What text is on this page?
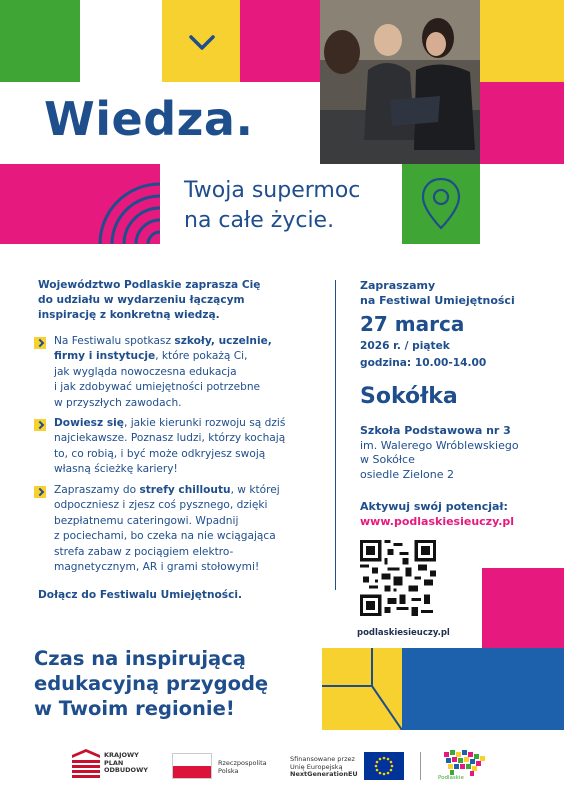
Wiedza.
Twoja supermoc
na całe życie.
Województwo Podlaskie zaprasza Cię
do udziału w wydarzeniu łączącym
inspirację z konkretną wiedzą.
Na Festiwalu spotkasz szkoły, uczelnie,
firmy i instytucje, które pokażą Ci,
jak wygląda nowoczesna edukacja
i jak zdobywać umiejętności potrzebne
w przyszłych zawodach.
Dowiesz się, jakie kierunki rozwoju są dziś
najciekawsze. Poznasz ludzi, którzy kochają
to, co robią, i być może odkryjesz swoją
własną ścieżkę kariery!
Zapraszamy do strefy chilloutu, w której
odpoczniesz i zjesz coś pysznego, dzięki
bezpłatnemu cateringowi. Wpadnij
z pociechami, bo czeka na nie wciągająca
strefa zabaw z pociągiem elektro-
magnetycznym, AR i grami stołowymi!
Dołącz do Festiwalu Umiejętności.
Zapraszamy
na Festiwal Umiejętności
27 marca
2026 r. / piątek
godzina: 10.00-14.00
Sokółka
Szkoła Podstawowa nr 3
im. Walerego Wróblewskiego
w Sokółce
osiedle Zielone 2
Aktywuj swój potencjał:
www.podlaskiesieuczy.pl
podlaskiesieuczy.pl
Czas na inspirującą
edukacyjną przygodę
w Twoim regionie!
KRAJOWY
PLAN
ODBUDOWY
Rzeczpospolita
Polska
Sfinansowane przez
Unię Europejską
NextGenerationEU	Podlaskie
